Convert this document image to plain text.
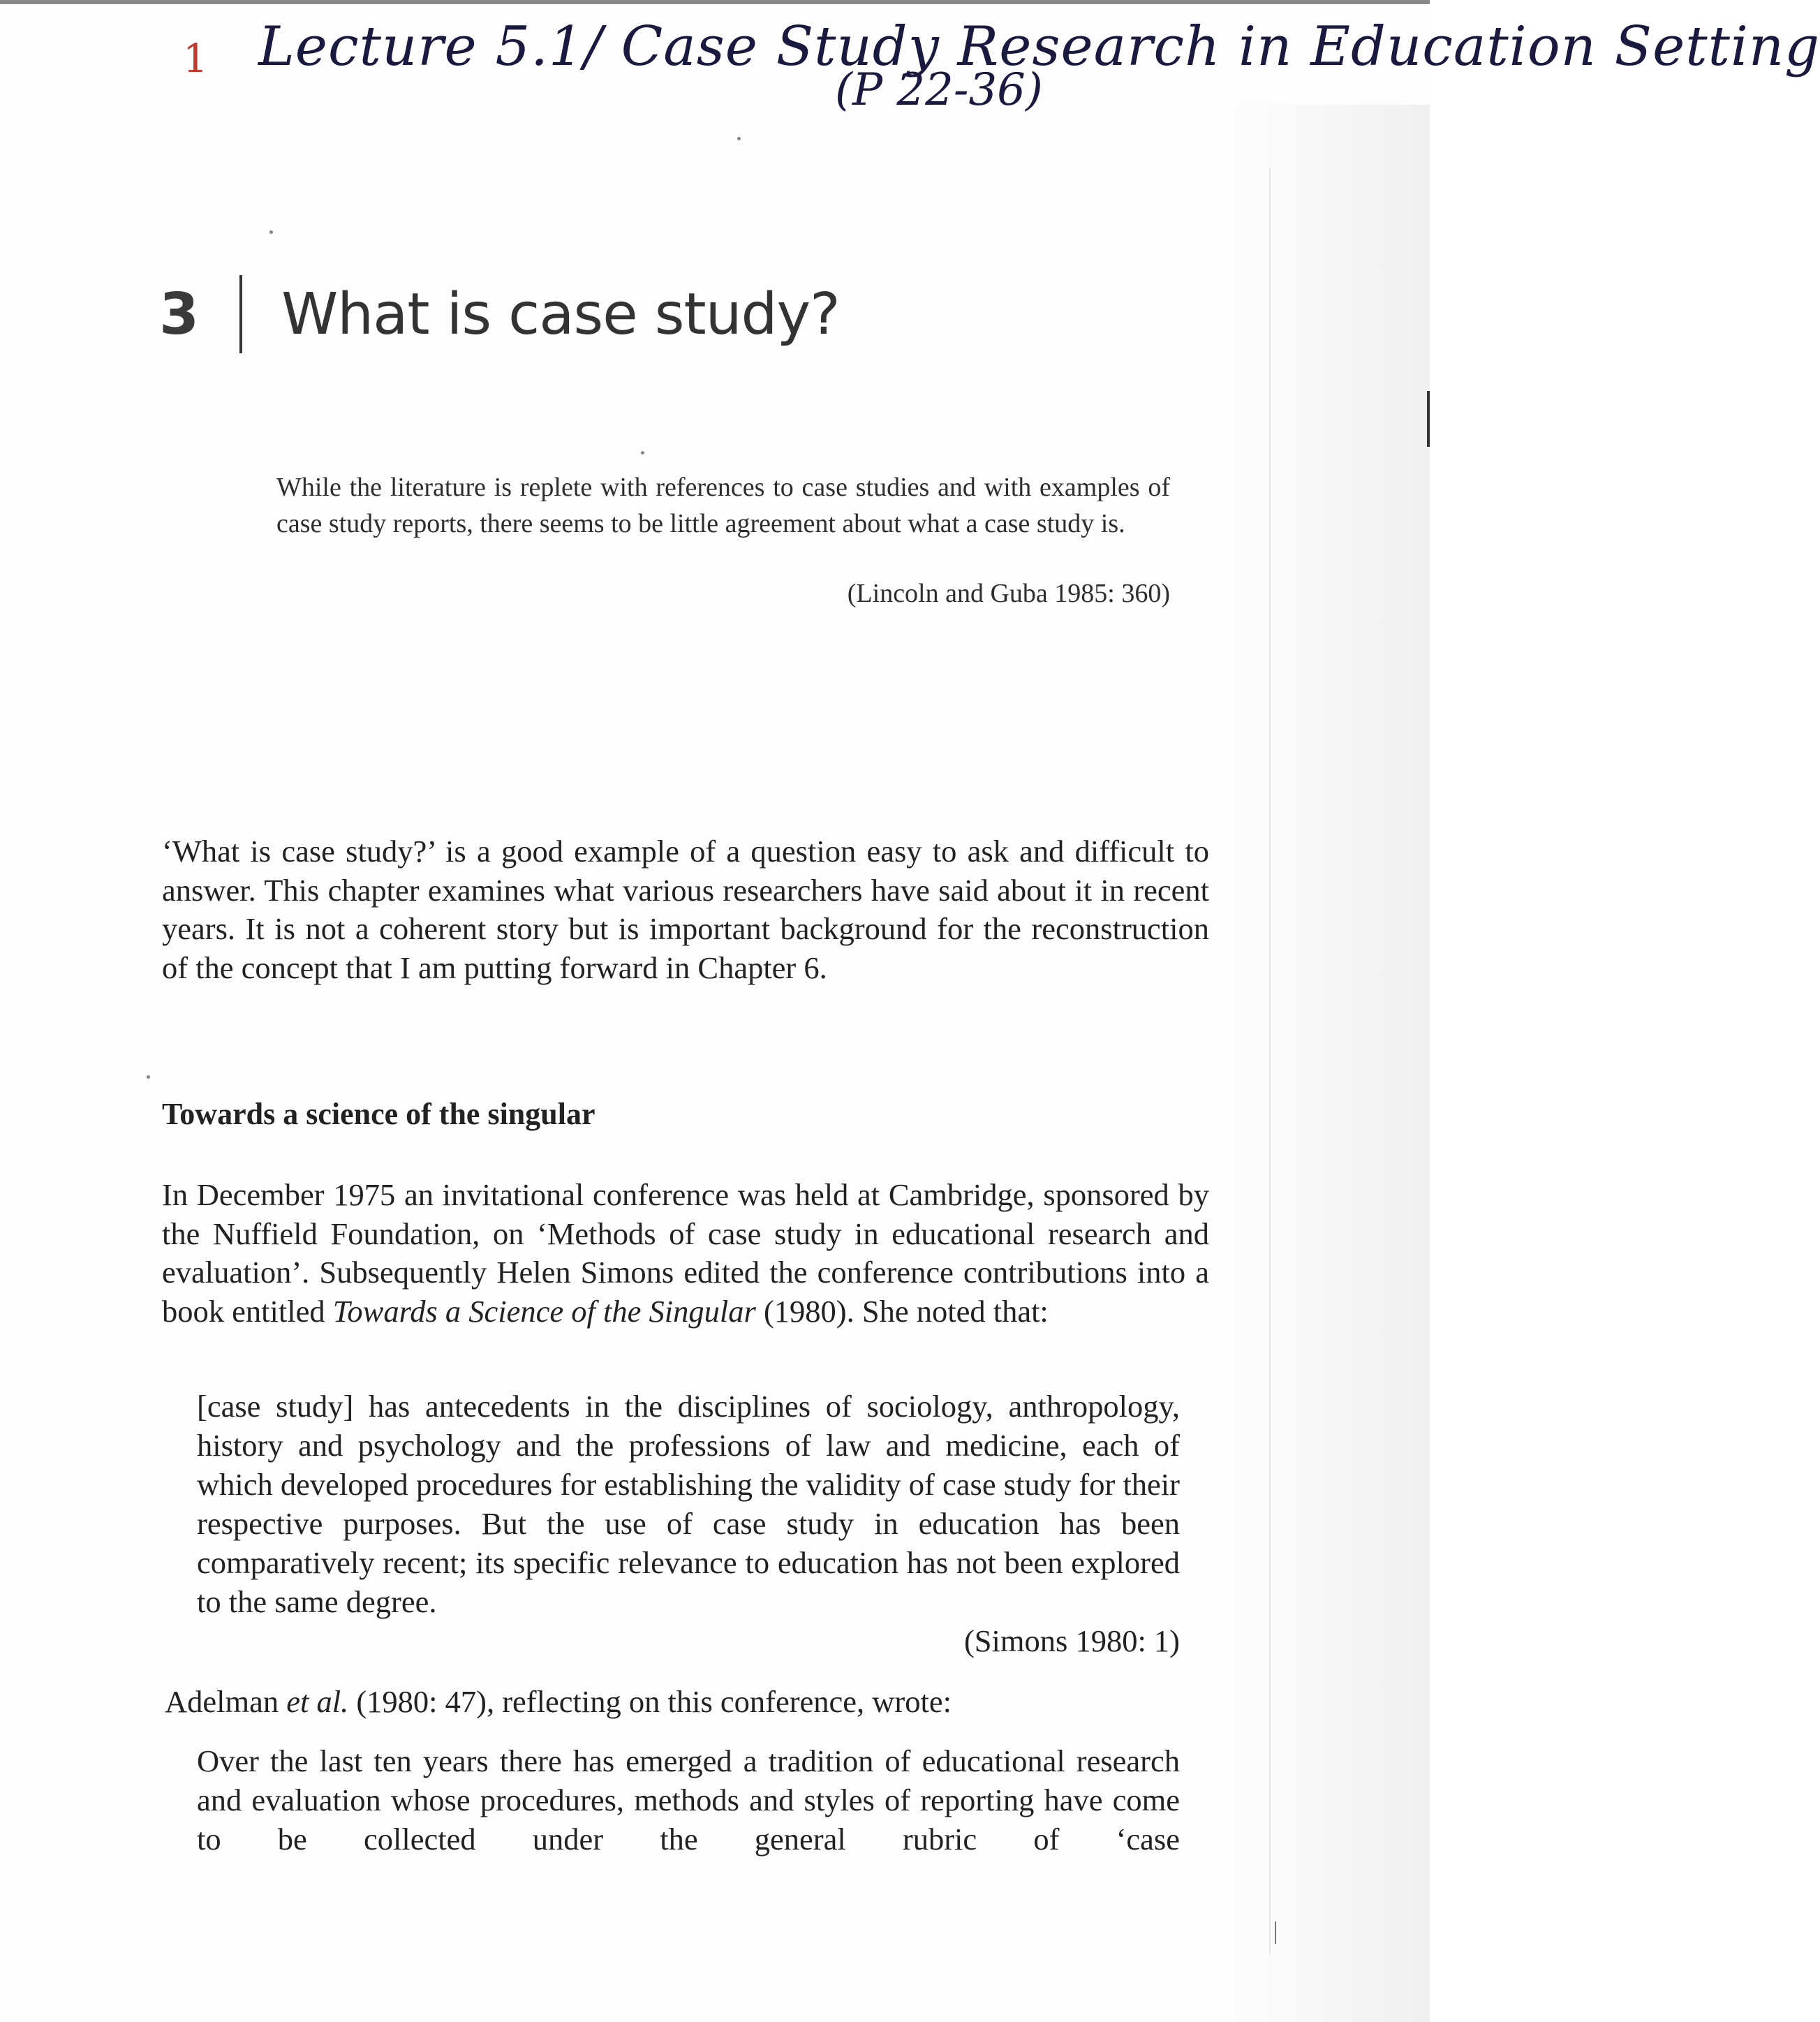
1 Lecture 5.1/ Case Study Research in Education Setting
(P 22-36)
3 What is case study?
While the literature is replete with references to case studies and with examples of case study reports, there seems to be little agreement about what a case study is.
(Lincoln and Guba 1985: 360)
‘What is case study?’ is a good example of a question easy to ask and difficult to answer. This chapter examines what various researchers have said about it in recent years. It is not a coherent story but is important background for the reconstruction of the concept that I am putting forward in Chapter 6.
Towards a science of the singular
In December 1975 an invitational conference was held at Cambridge, sponsored by the Nuffield Foundation, on ‘Methods of case study in educational research and evaluation’. Subsequently Helen Simons edited the conference contributions into a book entitled Towards a Science of the Singular (1980). She noted that:
[case study] has antecedents in the disciplines of sociology, anthropology, history and psychology and the professions of law and medicine, each of which developed procedures for establishing the validity of case study for their respective purposes. But the use of case study in education has been comparatively recent; its specific relevance to education has not been explored to the same degree.
(Simons 1980: 1)
Adelman et al. (1980: 47), reflecting on this conference, wrote:
Over the last ten years there has emerged a tradition of educational research and evaluation whose procedures, methods and styles of reporting have come to be collected under the general rubric of ‘case
